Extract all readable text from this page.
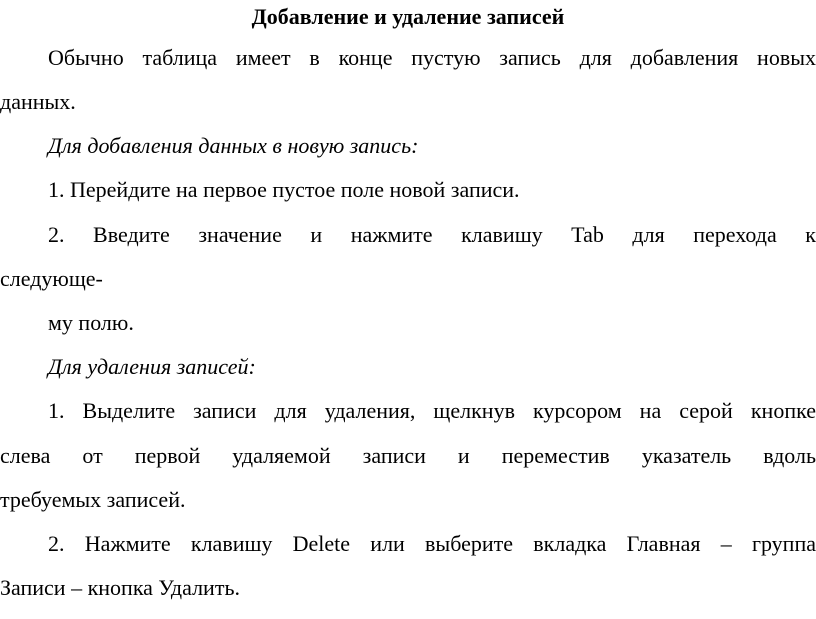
Добавление и удаление записей

Обычно таблица имеет в конце пустую запись для добавления новых

данных.

Для добавления данных в новую запись:

1. Перейдите на первое пустое поле новой записи.

2. Введите значение и нажмите клавишу Tab для перехода к

следующе-

му полю.

Для удаления записей:

1. Выделите записи для удаления, щелкнув курсором на серой кнопке

слева от первой удаляемой записи и переместив указатель вдоль

требуемых записей.

2. Нажмите клавишу Delete или выберите вкладка Главная – группа

Записи – кнопка Удалить.
